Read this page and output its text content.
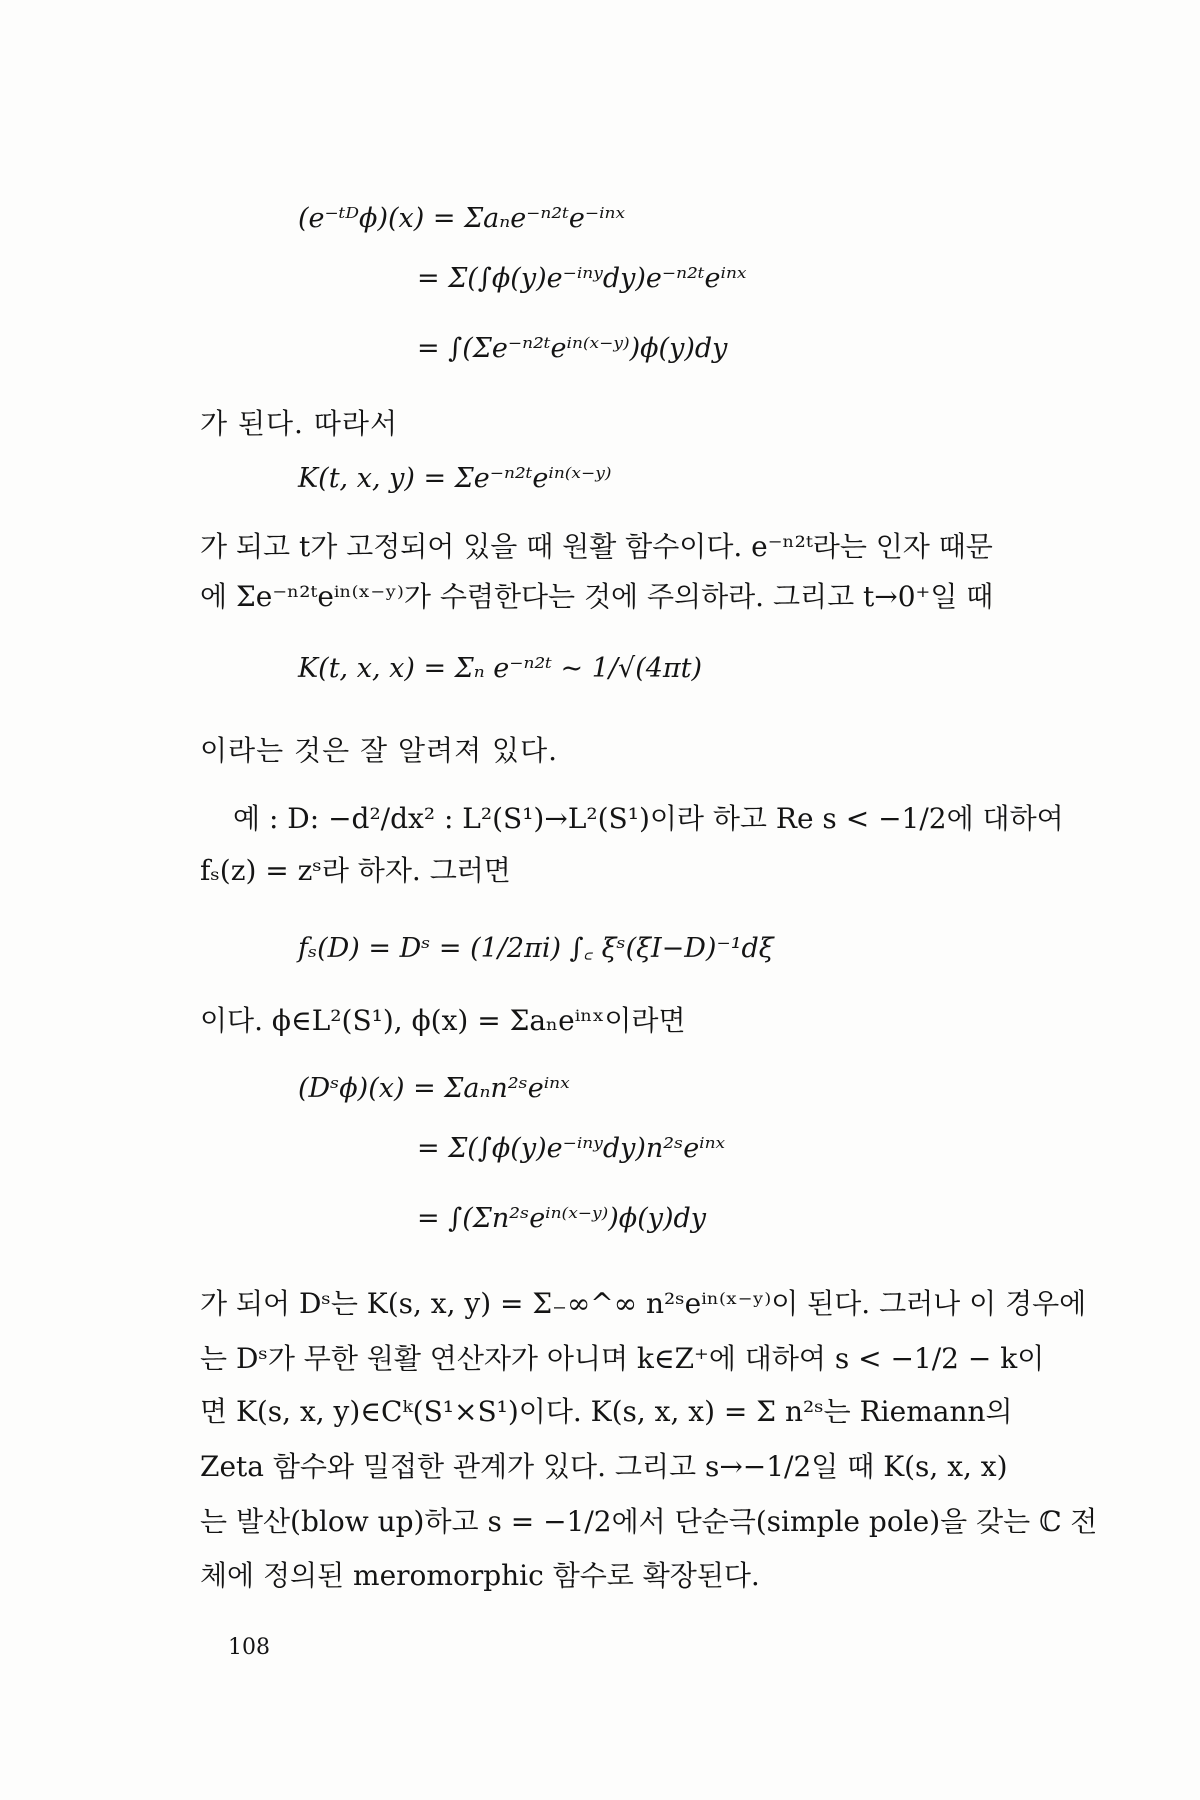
(e⁻ᵗᴰϕ)(x) = Σaₙe⁻ⁿ²ᵗe⁻ⁱⁿˣ
= Σ(∫ϕ(y)e⁻ⁱⁿʸdy)e⁻ⁿ²ᵗeⁱⁿˣ
= ∫(Σe⁻ⁿ²ᵗeⁱⁿ⁽ˣ⁻ʸ⁾)ϕ(y)dy
가 된다. 따라서
K(t, x, y) = Σe⁻ⁿ²ᵗeⁱⁿ⁽ˣ⁻ʸ⁾
가 되고 t가 고정되어 있을 때 원활 함수이다. e⁻ⁿ²ᵗ라는 인자 때문
에 Σe⁻ⁿ²ᵗeⁱⁿ⁽ˣ⁻ʸ⁾가 수렴한다는 것에 주의하라. 그리고 t→0⁺일 때
K(t, x, x) = Σₙ e⁻ⁿ²ᵗ ~ 1/√(4πt)
이라는 것은 잘 알려져 있다.
예 : D: −d²/dx² : L²(S¹)→L²(S¹)이라 하고 Re s < −1/2에 대하여
fₛ(z) = zˢ라 하자. 그러면
fₛ(D) = Dˢ = (1/2πi) ∫꜀ ξˢ(ξI−D)⁻¹dξ
이다. ϕ∈L²(S¹), ϕ(x) = Σaₙeⁱⁿˣ이라면
(Dˢϕ)(x) = Σaₙn²ˢeⁱⁿˣ
= Σ(∫ϕ(y)e⁻ⁱⁿʸdy)n²ˢeⁱⁿˣ
= ∫(Σn²ˢeⁱⁿ⁽ˣ⁻ʸ⁾)ϕ(y)dy
가 되어 Dˢ는 K(s, x, y) = Σ₋∞^∞ n²ˢeⁱⁿ⁽ˣ⁻ʸ⁾이 된다. 그러나 이 경우에
는 Dˢ가 무한 원활 연산자가 아니며 k∈Z⁺에 대하여 s < −1/2 − k이
면 K(s, x, y)∈Cᵏ(S¹×S¹)이다. K(s, x, x) = Σ n²ˢ는 Riemann의
Zeta 함수와 밀접한 관계가 있다. 그리고 s→−1/2일 때 K(s, x, x)
는 발산(blow up)하고 s = −1/2에서 단순극(simple pole)을 갖는 ℂ 전
체에 정의된 meromorphic 함수로 확장된다.
108
